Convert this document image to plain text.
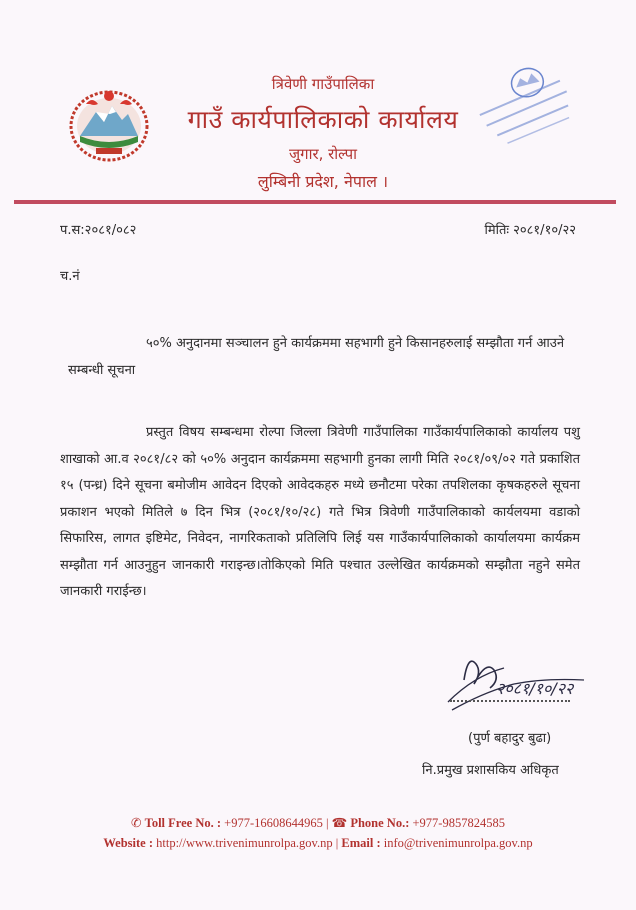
त्रिवेणी गाउँपालिका
गाउँ कार्यपालिकाको कार्यालय
जुगार, रोल्पा
लुम्बिनी प्रदेश, नेपाल ।
प.स:२०८१/०८२	मितिः २०८१/१०/२२
च.नं
५०% अनुदानमा सञ्चालन हुने कार्यक्रममा सहभागी हुने किसानहरुलाई सम्झौता गर्न आउने सम्बन्धी सूचना
प्रस्तुत विषय सम्बन्धमा रोल्पा जिल्ला त्रिवेणी गाउँपालिका गाउँकार्यपालिकाको कार्यालय पशु शाखाको आ.व २०८१/८२ को ५०% अनुदान कार्यक्रममा सहभागी हुनका लागी मिति २०८१/०९/०२ गते प्रकाशित १५ (पन्ध्र) दिने सूचना बमोजीम आवेदन दिएको आवेदकहरु मध्ये छनौटमा परेका तपशिलका कृषकहरुले सूचना प्रकाशन भएको मितिले ७ दिन भित्र (२०८१/१०/२८) गते भित्र त्रिवेणी गाउँपालिकाको कार्यलयमा वडाको सिफारिस, लागत इष्टिमेट, निवेदन, नागरिकताको प्रतिलिपि लिई यस गाउँकार्यपालिकाको कार्यालयमा कार्यक्रम सम्झौता गर्न आउनुहुन जानकारी गराइन्छ।तोकिएको मिति पश्चात उल्लेखित कार्यक्रमको सम्झौता नहुने समेत जानकारी गराईन्छ।
२०८१/१०/२२
(पुर्ण बहादुर बुढा)
नि.प्रमुख प्रशासकिय अधिकृत
✆ Toll Free No. : +977-16608644965 | ☎ Phone No.: +977-9857824585
Website : http://www.trivenimunrolpa.gov.np | Email : info@trivenimunrolpa.gov.np
